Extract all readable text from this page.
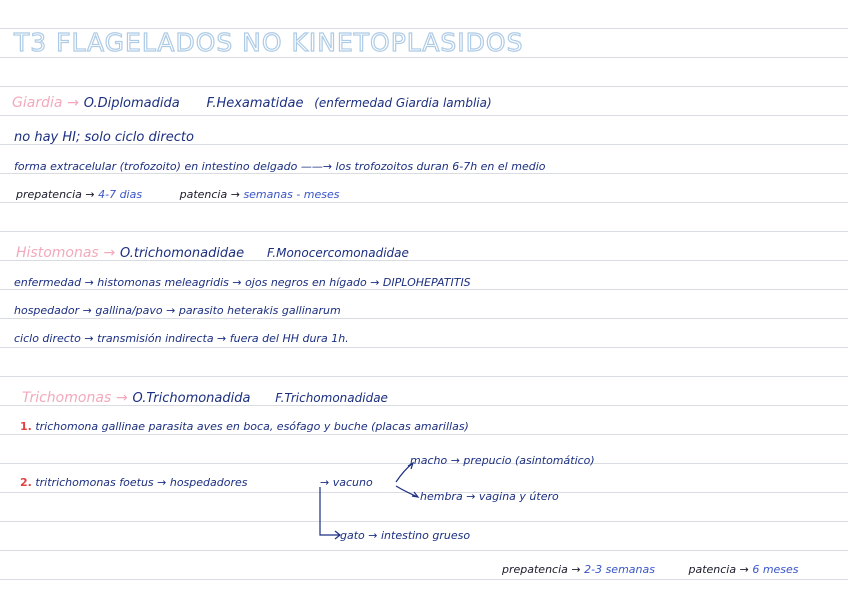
T3 FLAGELADOS NO KINETOPLASIDOS
Giardia → O.Diplomadida F.Hexamatidae (enfermedad Giardia lamblia)
no hay HI; solo ciclo directo
forma extracelular (trofozoito) en intestino delgado ——→ los trofozoitos duran 6-7h en el medio
prepatencia → 4-7 dias	patencia → semanas - meses
Histomonas → O.trichomonadidae F.Monocercomonadidae
enfermedad → histomonas meleagridis → ojos negros en hígado → DIPLOHEPATITIS
hospedador → gallina/pavo → parasito heterakis gallinarum
ciclo directo → transmisión indirecta → fuera del HH dura 1h.
Trichomonas → O.Trichomonadida F.Trichomonadidae
1. trichomona gallinae parasita aves en boca, esófago y buche (placas amarillas)
2. tritrichomonas foetus → hospedadores	→ vacuno
macho → prepucio (asintomático)
hembra → vagina y útero
gato → intestino grueso
prepatencia → 2-3 semanas	patencia → 6 meses
